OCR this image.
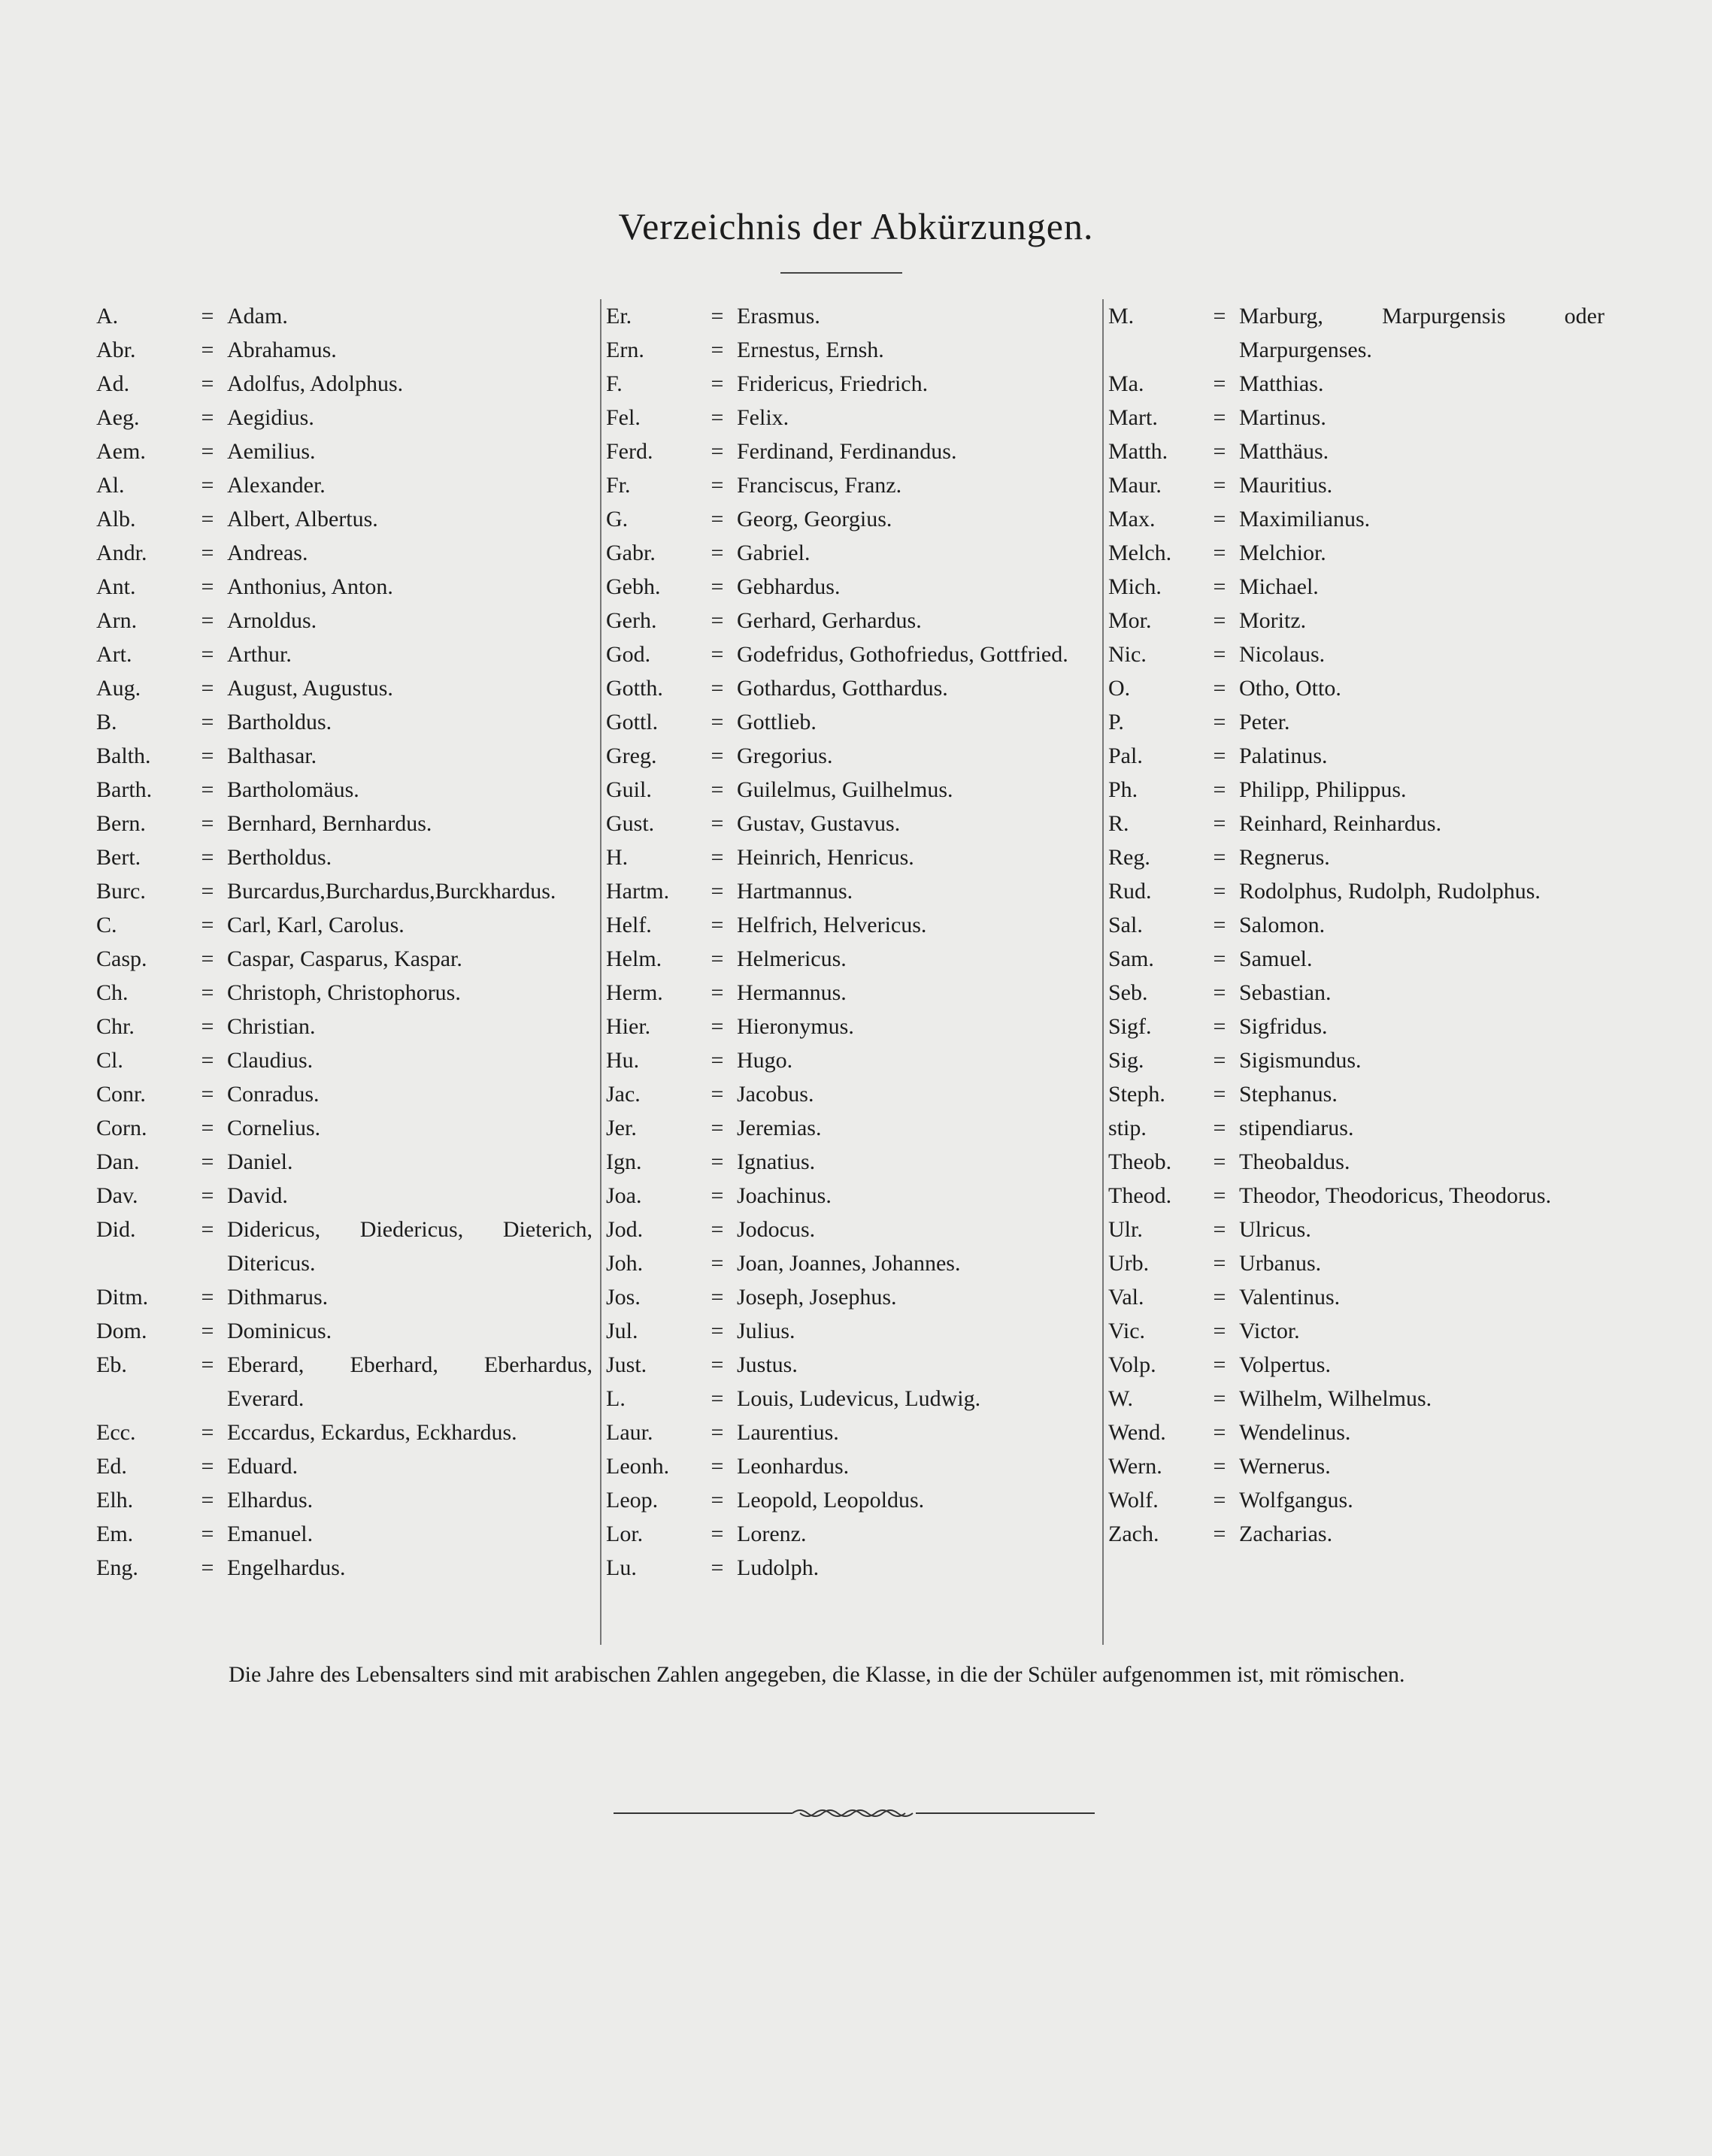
Verzeichnis der Abkürzungen.
A.	= Adam.
Abr.	= Abrahamus.
Ad.	= Adolfus, Adolphus.
Aeg.	= Aegidius.
Aem.	= Aemilius.
Al.	= Alexander.
Alb.	= Albert, Albertus.
Andr.	= Andreas.
Ant.	= Anthonius, Anton.
Arn.	= Arnoldus.
Art.	= Arthur.
Aug.	= August, Augustus.
B.	= Bartholdus.
Balth.	= Balthasar.
Barth.	= Bartholomäus.
Bern.	= Bernhard, Bernhardus.
Bert.	= Bertholdus.
Burc.	= Burcardus,Burchardus,Burckhardus.
C.	= Carl, Karl, Carolus.
Casp.	= Caspar, Casparus, Kaspar.
Ch.	= Christoph, Christophorus.
Chr.	= Christian.
Cl.	= Claudius.
Conr.	= Conradus.
Corn.	= Cornelius.
Dan.	= Daniel.
Dav.	= David.
Did.	= Didericus, Diedericus, Dieterich, Ditericus.
Ditm.	= Dithmarus.
Dom.	= Dominicus.
Eb.	= Eberard, Eberhard, Eberhardus, Everard.
Ecc.	= Eccardus, Eckardus, Eckhardus.
Ed.	= Eduard.
Elh.	= Elhardus.
Em.	= Emanuel.
Eng.	= Engelhardus.
Er.	= Erasmus.
Ern.	= Ernestus, Ernsh.
F.	= Fridericus, Friedrich.
Fel.	= Felix.
Ferd.	= Ferdinand, Ferdinandus.
Fr.	= Franciscus, Franz.
G.	= Georg, Georgius.
Gabr.	= Gabriel.
Gebh.	= Gebhardus.
Gerh.	= Gerhard, Gerhardus.
God.	= Godefridus, Gothofriedus, Gottfried.
Gotth.	= Gothardus, Gotthardus.
Gottl.	= Gottlieb.
Greg.	= Gregorius.
Guil.	= Guilelmus, Guilhelmus.
Gust.	= Gustav, Gustavus.
H.	= Heinrich, Henricus.
Hartm.	= Hartmannus.
Helf.	= Helfrich, Helvericus.
Helm.	= Helmericus.
Herm.	= Hermannus.
Hier.	= Hieronymus.
Hu.	= Hugo.
Jac.	= Jacobus.
Jer.	= Jeremias.
Ign.	= Ignatius.
Joa.	= Joachinus.
Jod.	= Jodocus.
Joh.	= Joan, Joannes, Johannes.
Jos.	= Joseph, Josephus.
Jul.	= Julius.
Just.	= Justus.
L.	= Louis, Ludevicus, Ludwig.
Laur.	= Laurentius.
Leonh.	= Leonhardus.
Leop.	= Leopold, Leopoldus.
Lor.	= Lorenz.
Lu.	= Ludolph.
M.	= Marburg, Marpurgensis oder Marpurgenses.
Ma.	= Matthias.
Mart.	= Martinus.
Matth.	= Matthäus.
Maur.	= Mauritius.
Max.	= Maximilianus.
Melch.	= Melchior.
Mich.	= Michael.
Mor.	= Moritz.
Nic.	= Nicolaus.
O.	= Otho, Otto.
P.	= Peter.
Pal.	= Palatinus.
Ph.	= Philipp, Philippus.
R.	= Reinhard, Reinhardus.
Reg.	= Regnerus.
Rud.	= Rodolphus, Rudolph, Rudolphus.
Sal.	= Salomon.
Sam.	= Samuel.
Seb.	= Sebastian.
Sigf.	= Sigfridus.
Sig.	= Sigismundus.
Steph.	= Stephanus.
stip.	= stipendiarus.
Theob.	= Theobaldus.
Theod.	= Theodor, Theodoricus, Theodorus.
Ulr.	= Ulricus.
Urb.	= Urbanus.
Val.	= Valentinus.
Vic.	= Victor.
Volp.	= Volpertus.
W.	= Wilhelm, Wilhelmus.
Wend.	= Wendelinus.
Wern.	= Wernerus.
Wolf.	= Wolfgangus.
Zach.	= Zacharias.
Die Jahre des Lebensalters sind mit arabischen Zahlen angegeben, die Klasse, in die der Schüler aufgenommen ist, mit römischen.
